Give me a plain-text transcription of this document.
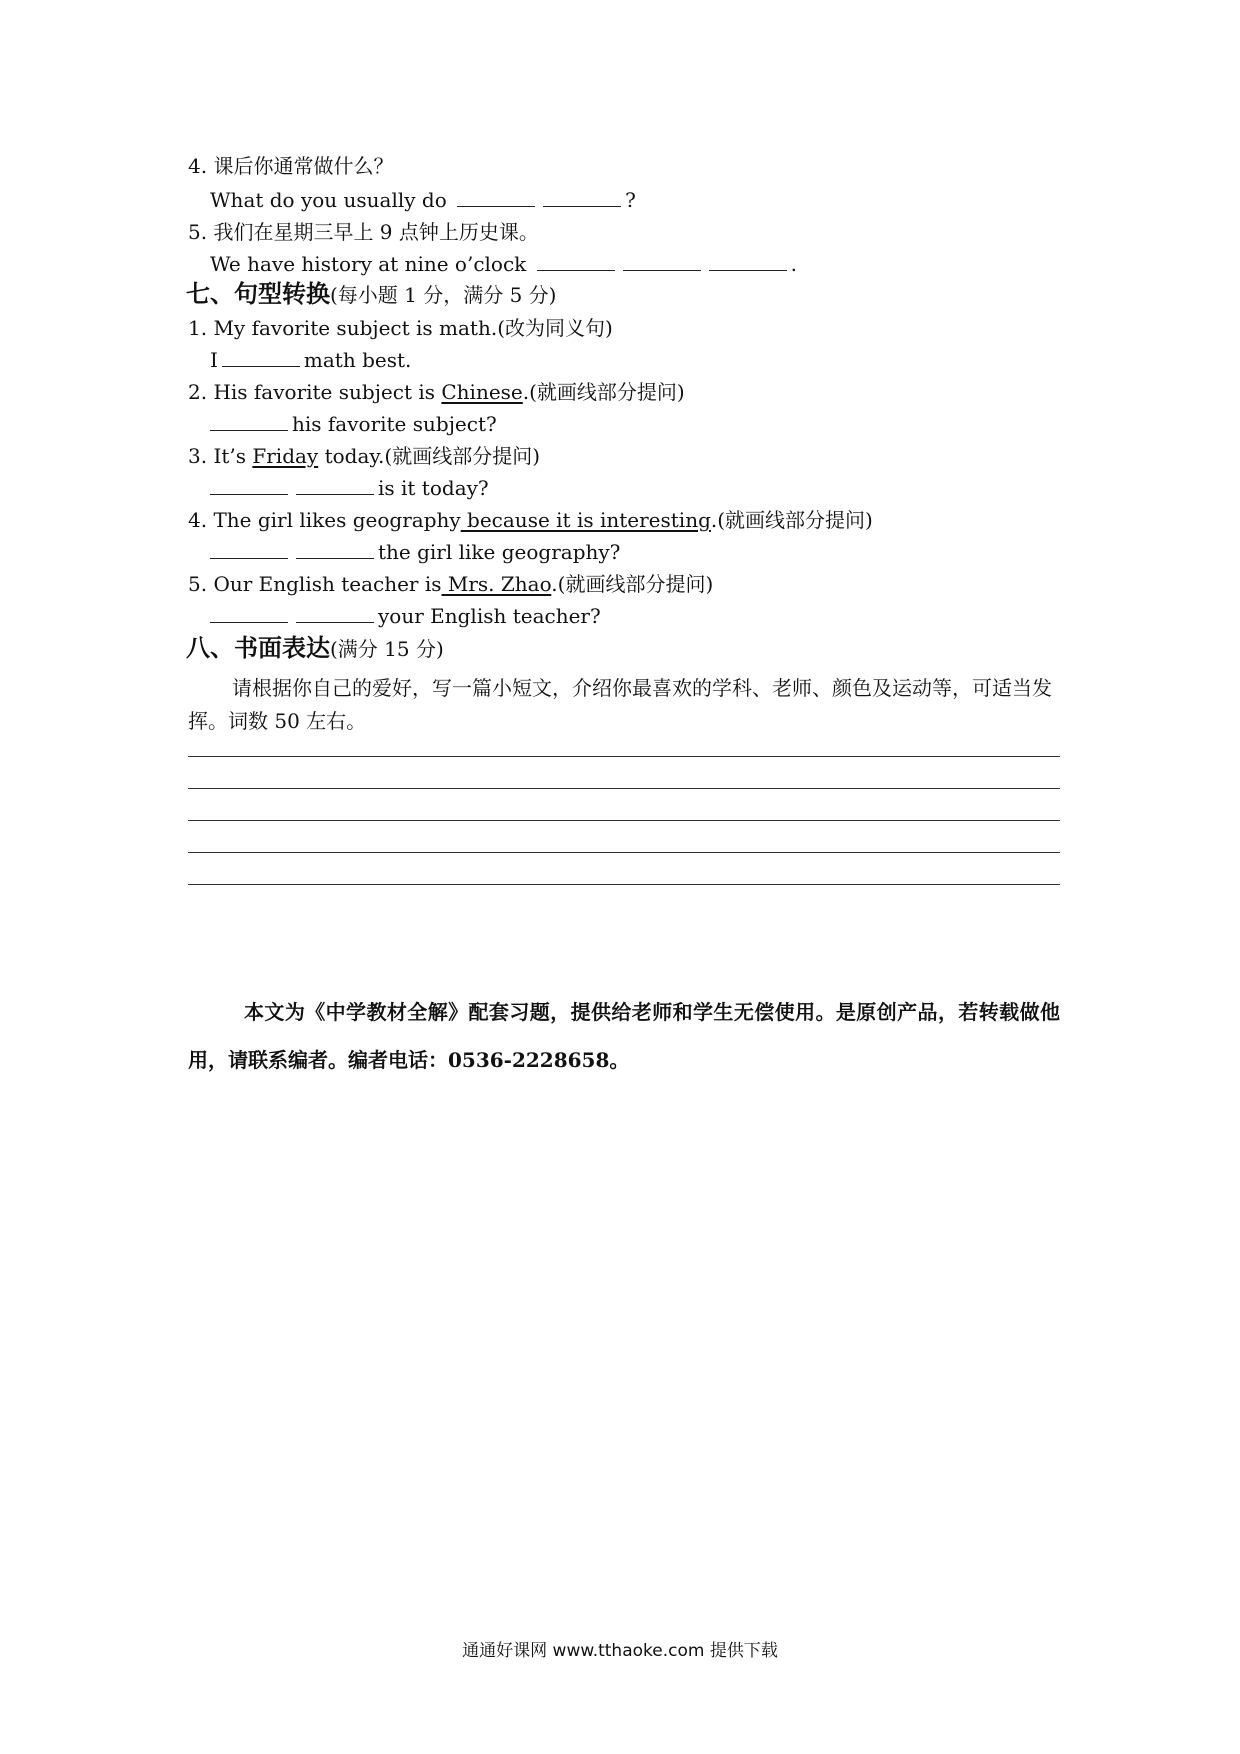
4. 课后你通常做什么？
What do you usually do	?
5. 我们在星期三早上 9 点钟上历史课。
We have history at nine o’clock	.
七、句型转换(每小题 1 分，满分 5 分)
1. My favorite subject is math.(改为同义句)
I	math best.
2. His favorite subject is Chinese.(就画线部分提问)
his favorite subject?
3. It’s Friday today.(就画线部分提问)
is it today?
4. The girl likes geography because it is interesting.(就画线部分提问)
the girl like geography?
5. Our English teacher is Mrs. Zhao.(就画线部分提问)
your English teacher?
八、书面表达(满分 15 分)
请根据你自己的爱好，写一篇小短文，介绍你最喜欢的学科、老师、颜色及运动等，可适当发挥。词数 50 左右。
本文为《中学教材全解》配套习题，提供给老师和学生无偿使用。是原创产品，若转载做他用，请联系编者。编者电话：0536-2228658。
通通好课网 www.tthaoke.com 提供下载
